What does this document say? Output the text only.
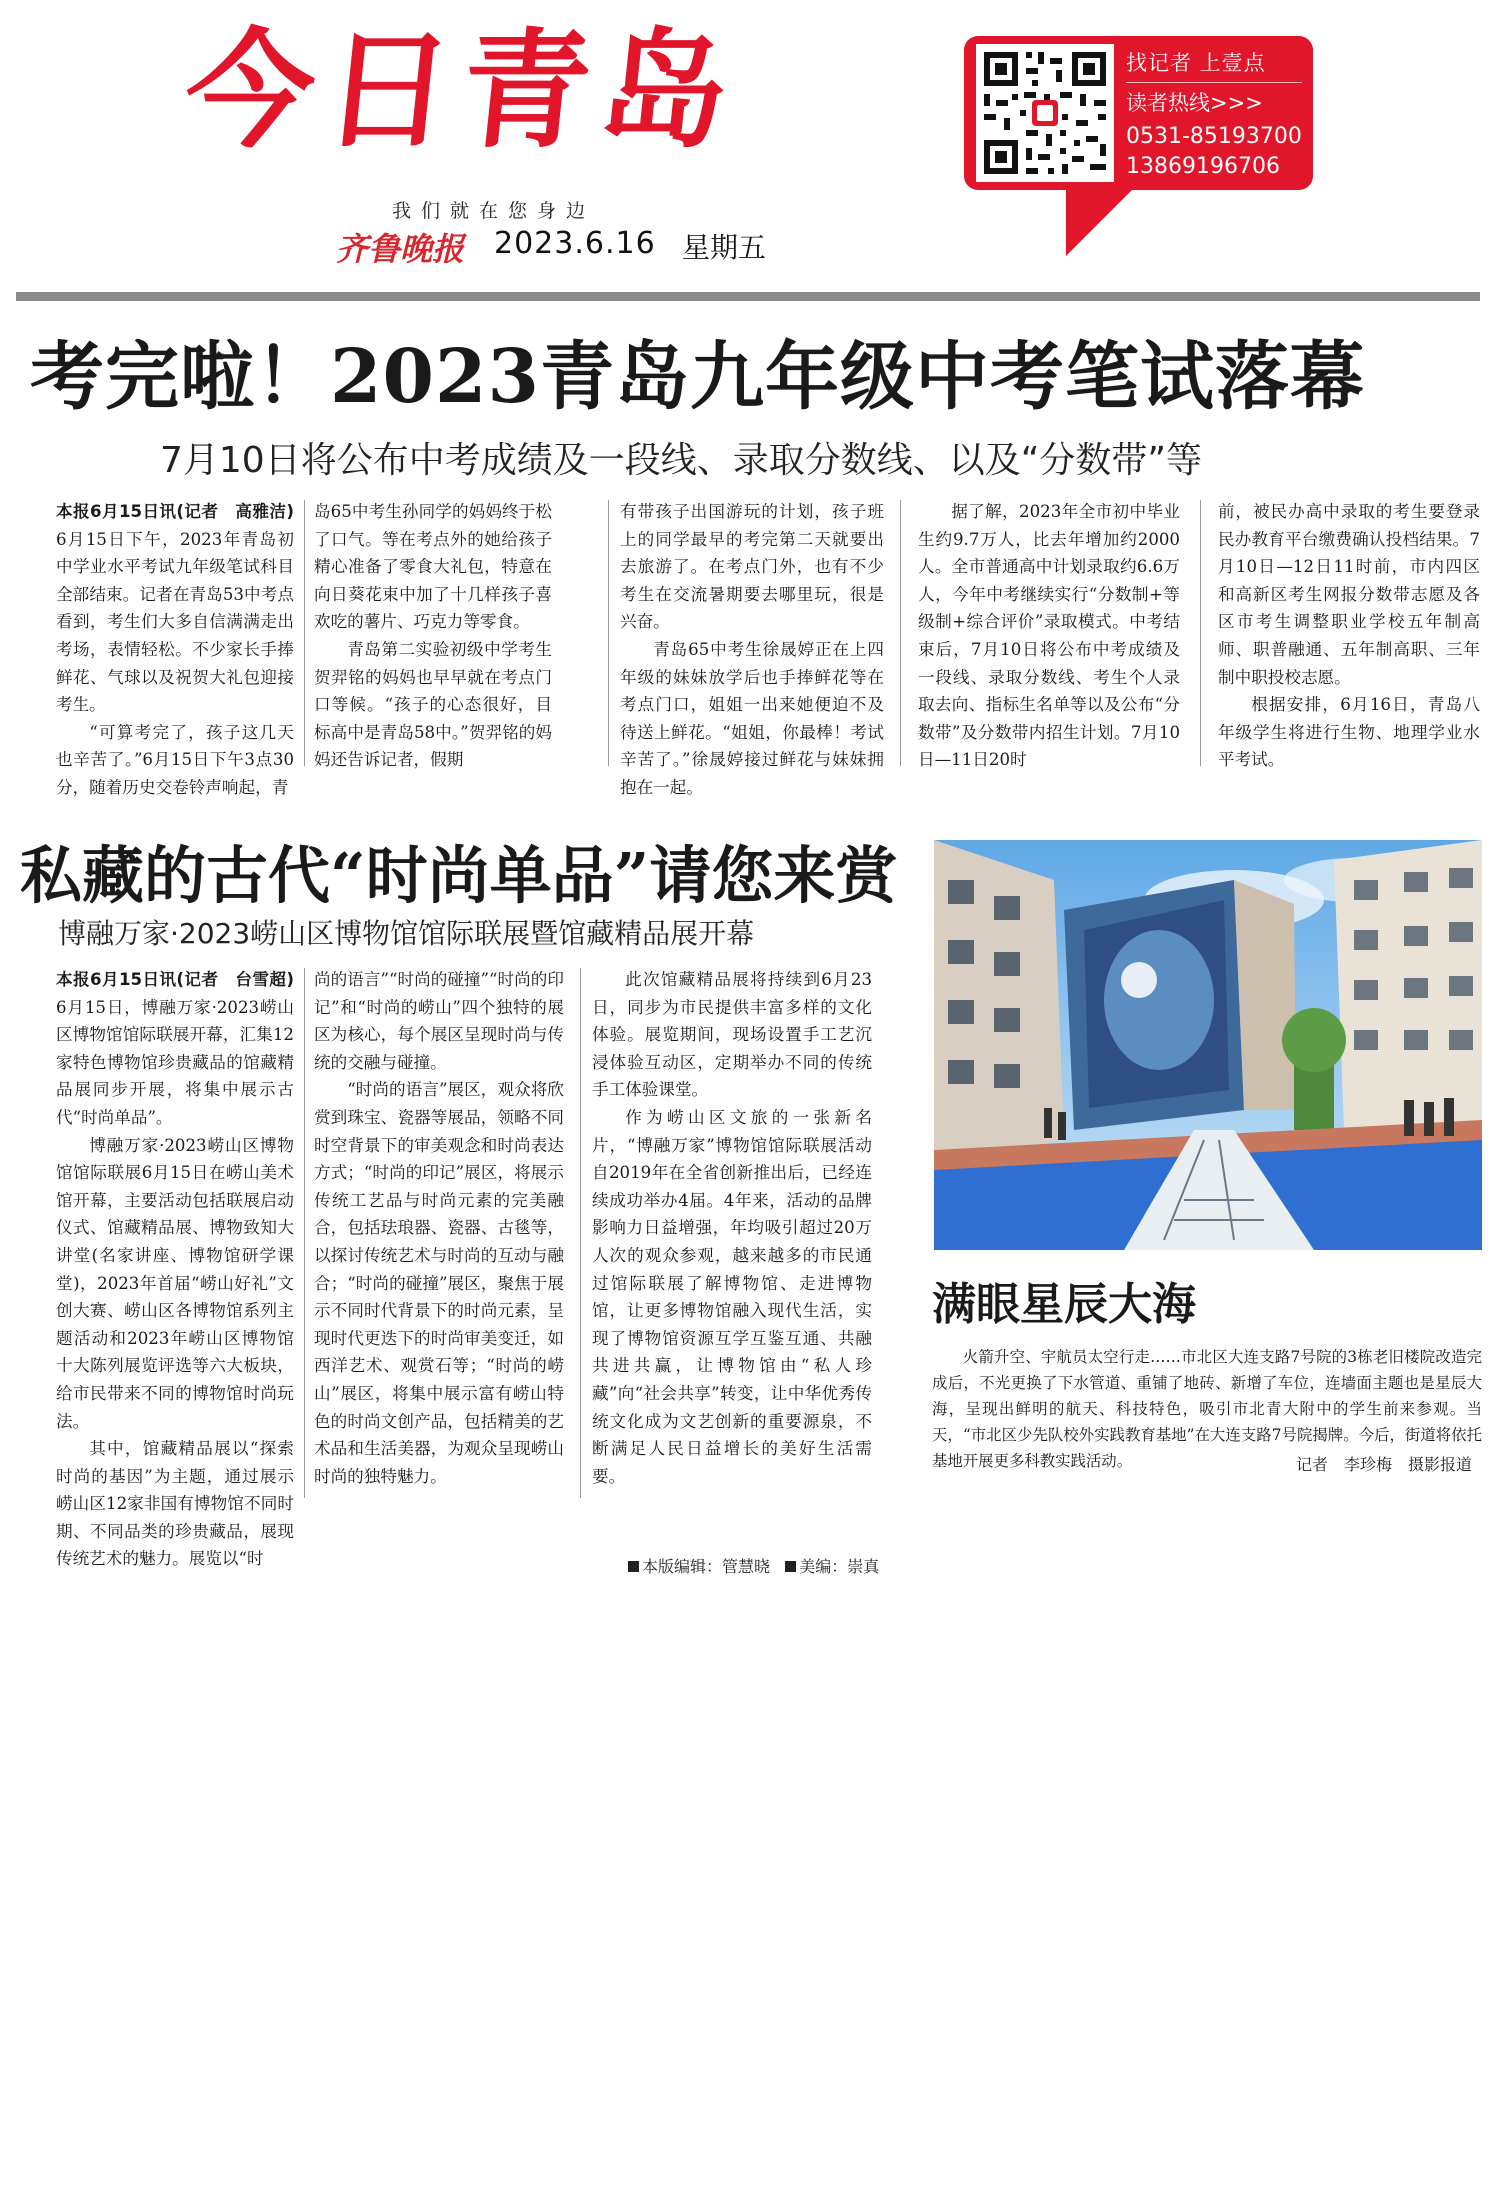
今日青岛
我们就在您身边
齐鲁晚报 2023.6.16 星期五
找记者 上壹点
读者热线>>>
0531-85193700
13869196706
考完啦！2023青岛九年级中考笔试落幕
7月10日将公布中考成绩及一段线、录取分数线、以及“分数带”等

本报6月15日讯(记者　高雅洁)　6月15日下午，2023年青岛初中学业水平考试九年级笔试科目全部结束。记者在青岛53中考点看到，考生们大多自信满满走出考场，表情轻松。不少家长手捧鲜花、气球以及祝贺大礼包迎接考生。

“可算考完了，孩子这几天也辛苦了。”6月15日下午3点30分，随着历史交卷铃声响起，青

岛65中考生孙同学的妈妈终于松了口气。等在考点外的她给孩子精心准备了零食大礼包，特意在向日葵花束中加了十几样孩子喜欢吃的薯片、巧克力等零食。

青岛第二实验初级中学考生贺羿铭的妈妈也早早就在考点门口等候。“孩子的心态很好，目标高中是青岛58中。”贺羿铭的妈妈还告诉记者，假期

有带孩子出国游玩的计划，孩子班上的同学最早的考完第二天就要出去旅游了。在考点门外，也有不少考生在交流暑期要去哪里玩，很是兴奋。

青岛65中考生徐晟婷正在上四年级的妹妹放学后也手捧鲜花等在考点门口，姐姐一出来她便迫不及待送上鲜花。“姐姐，你最棒！考试辛苦了。”徐晟婷接过鲜花与妹妹拥抱在一起。

据了解，2023年全市初中毕业生约9.7万人，比去年增加约2000人。全市普通高中计划录取约6.6万人，今年中考继续实行“分数制+等级制+综合评价”录取模式。中考结束后，7月10日将公布中考成绩及一段线、录取分数线、考生个人录取去向、指标生名单等以及公布“分数带”及分数带内招生计划。7月10日—11日20时

前，被民办高中录取的考生要登录民办教育平台缴费确认投档结果。7月10日—12日11时前，市内四区和高新区考生网报分数带志愿及各区市考生调整职业学校五年制高师、职普融通、五年制高职、三年制中职投校志愿。

根据安排，6月16日，青岛八年级学生将进行生物、地理学业水平考试。

私藏的古代“时尚单品”请您来赏
博融万家·2023崂山区博物馆馆际联展暨馆藏精品展开幕

本报6月15日讯(记者　台雪超)　6月15日，博融万家·2023崂山区博物馆馆际联展开幕，汇集12家特色博物馆珍贵藏品的馆藏精品展同步开展，将集中展示古代“时尚单品”。

博融万家·2023崂山区博物馆馆际联展6月15日在崂山美术馆开幕，主要活动包括联展启动仪式、馆藏精品展、博物致知大讲堂(名家讲座、博物馆研学课堂)，2023年首届“崂山好礼”文创大赛、崂山区各博物馆系列主题活动和2023年崂山区博物馆十大陈列展览评选等六大板块，给市民带来不同的博物馆时尚玩法。

其中，馆藏精品展以“探索时尚的基因”为主题，通过展示崂山区12家非国有博物馆不同时期、不同品类的珍贵藏品，展现传统艺术的魅力。展览以“时

尚的语言”“时尚的碰撞”“时尚的印记”和“时尚的崂山”四个独特的展区为核心，每个展区呈现时尚与传统的交融与碰撞。

“时尚的语言”展区，观众将欣赏到珠宝、瓷器等展品，领略不同时空背景下的审美观念和时尚表达方式；“时尚的印记”展区，将展示传统工艺品与时尚元素的完美融合，包括珐琅器、瓷器、古毯等，以探讨传统艺术与时尚的互动与融合；“时尚的碰撞”展区，聚焦于展示不同时代背景下的时尚元素，呈现时代更迭下的时尚审美变迁，如西洋艺术、观赏石等；“时尚的崂山”展区，将集中展示富有崂山特色的时尚文创产品，包括精美的艺术品和生活美器，为观众呈现崂山时尚的独特魅力。

此次馆藏精品展将持续到6月23日，同步为市民提供丰富多样的文化体验。展览期间，现场设置手工艺沉浸体验互动区，定期举办不同的传统手工体验课堂。

作为崂山区文旅的一张新名片，“博融万家”博物馆馆际联展活动自2019年在全省创新推出后，已经连续成功举办4届。4年来，活动的品牌影响力日益增强，年均吸引超过20万人次的观众参观，越来越多的市民通过馆际联展了解博物馆、走进博物馆，让更多博物馆融入现代生活，实现了博物馆资源互学互鉴互通、共融共进共赢，让博物馆由“私人珍藏”向“社会共享”转变，让中华优秀传统文化成为文艺创新的重要源泉，不断满足人民日益增长的美好生活需要。

满眼星辰大海

火箭升空、宇航员太空行走……市北区大连支路7号院的3栋老旧楼院改造完成后，不光更换了下水管道、重铺了地砖、新增了车位，连墙面主题也是星辰大海，呈现出鲜明的航天、科技特色，吸引市北青大附中的学生前来参观。当天，“市北区少先队校外实践教育基地”在大连支路7号院揭牌。今后，街道将依托基地开展更多科教实践活动。	记者　李珍梅　摄影报道
本版编辑：管慧晓 美编：崇真
